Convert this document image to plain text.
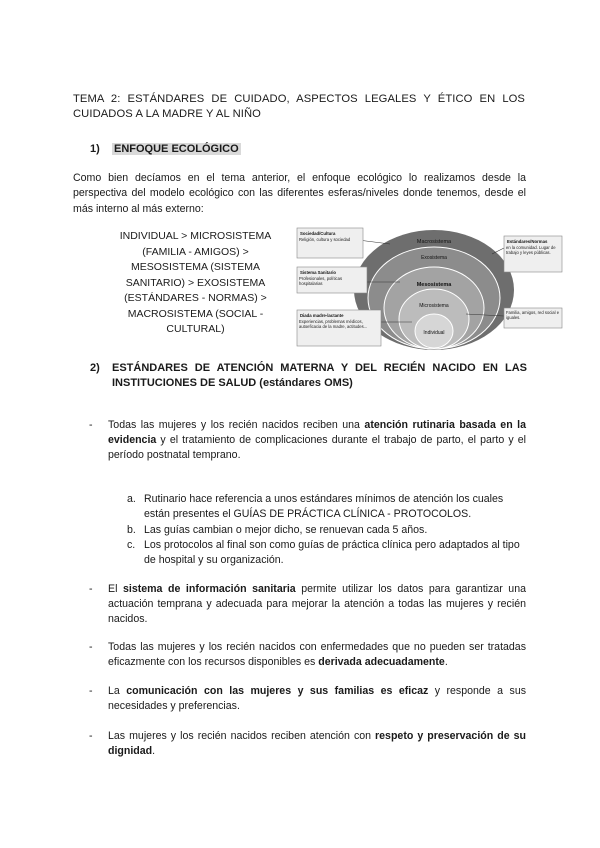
TEMA 2: ESTÁNDARES DE CUIDADO, ASPECTOS LEGALES Y ÉTICO EN LOS CUIDADOS A LA MADRE Y AL NIÑO
1) ENFOQUE ECOLÓGICO
Como bien decíamos en el tema anterior, el enfoque ecológico lo realizamos desde la perspectiva del modelo ecológico con las diferentes esferas/niveles donde tenemos, desde el más interno al más externo:
INDIVIDUAL > MICROSISTEMA (FAMILIA - AMIGOS) > MESOSISTEMA (SISTEMA SANITARIO) > EXOSISTEMA (ESTÁNDARES - NORMAS) > MACROSISTEMA (SOCIAL - CULTURAL)
Macrosistema
Exosistema
Mesosistema
Microsistema
Individual
Sociedad/Cultura
Religión, cultura y sociedad
Sistema Sanitario
Profesionales, políticas hospitalarias
Diada madre-lactante
Experiencias, problemas médicos, autoeficacia de la madre, actitudes...
Estándares/Normas
en la comunidad. Lugar de trabajo y leyes públicas.
Familia, amigos, red social e iguales.
2)	ESTÁNDARES DE ATENCIÓN MATERNA Y DEL RECIÉN NACIDO EN LAS INSTITUCIONES DE SALUD (estándares OMS)
- Todas las mujeres y los recién nacidos reciben una atención rutinaria basada en la evidencia y el tratamiento de complicaciones durante el trabajo de parto, el parto y el período postnatal temprano.
a. Rutinario hace referencia a unos estándares mínimos de atención los cuales están presentes el GUÍAS DE PRÁCTICA CLÍNICA - PROTOCOLOS.
b. Las guías cambian o mejor dicho, se renuevan cada 5 años.
c. Los protocolos al final son como guías de práctica clínica pero adaptados al tipo de hospital y su organización.
- El sistema de información sanitaria permite utilizar los datos para garantizar una actuación temprana y adecuada para mejorar la atención a todas las mujeres y recién nacidos.
- Todas las mujeres y los recién nacidos con enfermedades que no pueden ser tratadas eficazmente con los recursos disponibles es derivada adecuadamente.
- La comunicación con las mujeres y sus familias es eficaz y responde a sus necesidades y preferencias.
- Las mujeres y los recién nacidos reciben atención con respeto y preservación de su dignidad.
